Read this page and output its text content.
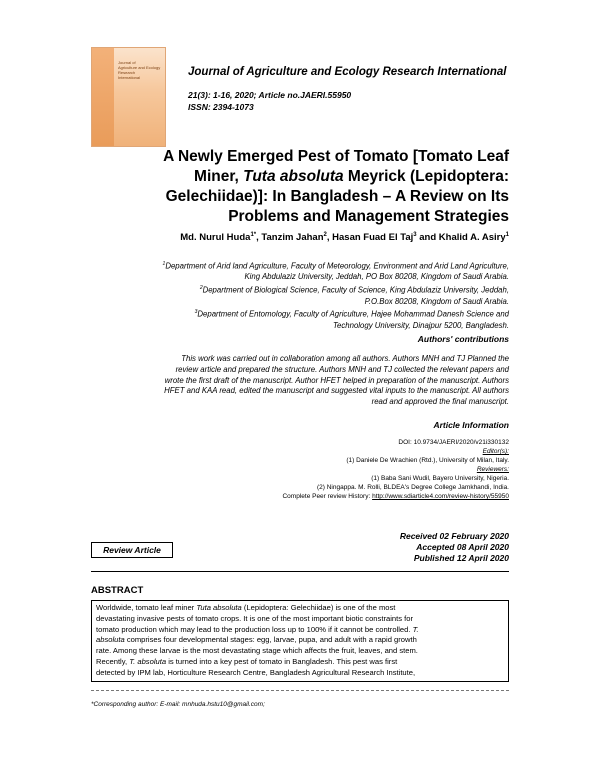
Journal of
Agriculture and Ecology
Research
International	Journal of Agriculture and Ecology Research International
21(3): 1-16, 2020; Article no.JAERI.55950
ISSN: 2394-1073
A Newly Emerged Pest of Tomato [Tomato Leaf
Miner, Tuta absoluta Meyrick (Lepidoptera:
Gelechiidae)]: In Bangladesh – A Review on Its
Problems and Management Strategies
Md. Nurul Huda$^{1*}$, Tanzim Jahan$^2$, Hasan Fuad El Taj$^3$ and Khalid A. Asiry$^1$
$^1$Department of Arid land Agriculture, Faculty of Meteorology, Environment and Arid Land Agriculture,
King Abdulaziz University, Jeddah, PO Box 80208, Kingdom of Saudi Arabia.
$^2$Department of Biological Science, Faculty of Science, King Abdulaziz University, Jeddah,
P.O.Box 80208, Kingdom of Saudi Arabia.
$^3$Department of Entomology, Faculty of Agriculture, Hajee Mohammad Danesh Science and
Technology University, Dinajpur 5200, Bangladesh.
Authors' contributions
This work was carried out in collaboration among all authors. Authors MNH and TJ Planned the
review article and prepared the structure. Authors MNH and TJ collected the relevant papers and
wrote the first draft of the manuscript. Author HFET helped in preparation of the manuscript. Authors
HFET and KAA read, edited the manuscript and suggested vital inputs to the manuscript. All authors
read and approved the final manuscript.
Article Information
DOI: 10.9734/JAERI/2020/v21i330132
Editor(s):
(1) Daniele De Wrachien (Rtd.), University of Milan, Italy.
Reviewers:
(1) Baba Sani Wudil, Bayero University, Nigeria.
(2) Ningappa. M. Rolli, BLDEA's Degree College Jamkhandi, India.
Complete Peer review History: http://www.sdiarticle4.com/review-history/55950
Review Article
Received 02 February 2020
Accepted 08 April 2020
Published 12 April 2020
ABSTRACT
Worldwide, tomato leaf miner Tuta absoluta (Lepidoptera: Gelechiidae) is one of the most
devastating invasive pests of tomato crops. It is one of the most important biotic constraints for
tomato production which may lead to the production loss up to 100% if it cannot be controlled. T.
absoluta comprises four developmental stages: egg, larvae, pupa, and adult with a rapid growth
rate. Among these larvae is the most devastating stage which affects the fruit, leaves, and stem.
Recently, T. absoluta is turned into a key pest of tomato in Bangladesh. This pest was first
detected by IPM lab, Horticulture Research Centre, Bangladesh Agricultural Research Institute,
*Corresponding author: E-mail: mnhuda.hstu10@gmail.com;
